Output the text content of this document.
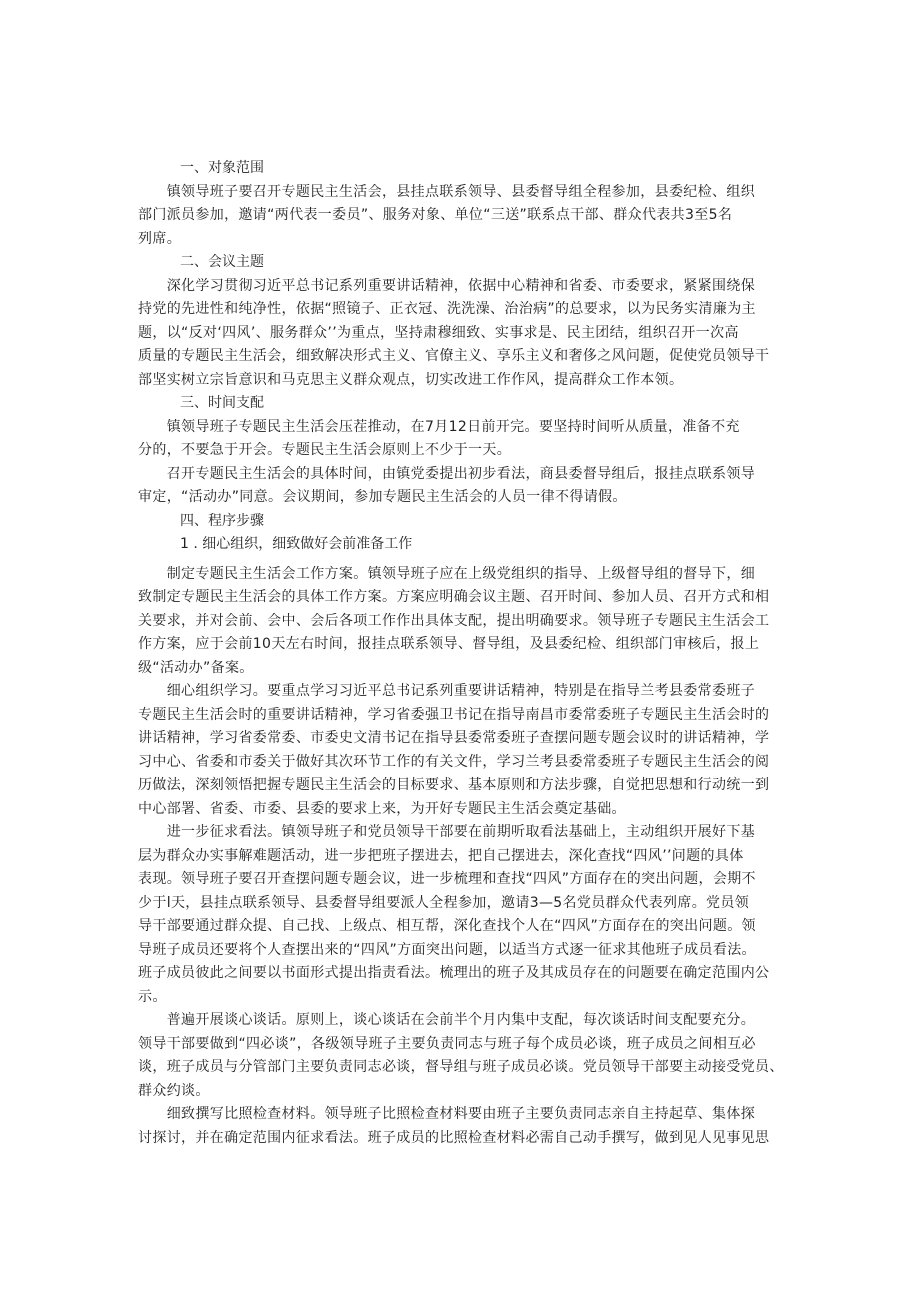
一、对象范围
　　镇领导班子要召开专题民主生活会，县挂点联系领导、县委督导组全程参加，县委纪检、组织
部门派员参加，邀请“两代表一委员”、服务对象、单位“三送”联系点干部、群众代表共3至5名
列席。
二、会议主题
　　深化学习贯彻习近平总书记系列重要讲话精神，依据中心精神和省委、市委要求，紧紧围绕保
持党的先进性和纯净性，依据“照镜子、正衣冠、洗洗澡、治治病”的总要求，以为民务实清廉为主
题，以“反对‘四风’、服务群众’’为重点，坚持肃穆细致、实事求是、民主团结，组织召开一次高
质量的专题民主生活会，细致解决形式主义、官僚主义、享乐主义和奢侈之风问题，促使党员领导干
部坚实树立宗旨意识和马克思主义群众观点，切实改进工作作风，提高群众工作本领。
三、时间支配
　　镇领导班子专题民主生活会压茬推动，在7月12日前开完。要坚持时间听从质量，准备不充
分的，不要急于开会。专题民主生活会原则上不少于一天。
　　召开专题民主生活会的具体时间，由镇党委提出初步看法，商县委督导组后，报挂点联系领导
审定，“活动办”同意。会议期间，参加专题民主生活会的人员一律不得请假。
四、程序步骤
1 . 细心组织，细致做好会前准备工作
　　制定专题民主生活会工作方案。镇领导班子应在上级党组织的指导、上级督导组的督导下，细
致制定专题民主生活会的具体工作方案。方案应明确会议主题、召开时间、参加人员、召开方式和相
关要求，并对会前、会中、会后各项工作作出具体支配，提出明确要求。领导班子专题民主生活会工
作方案，应于会前10天左右时间，报挂点联系领导、督导组，及县委纪检、组织部门审核后，报上
级“活动办”备案。
　　细心组织学习。要重点学习习近平总书记系列重要讲话精神，特别是在指导兰考县委常委班子
专题民主生活会时的重要讲话精神，学习省委强卫书记在指导南昌市委常委班子专题民主生活会时的
讲话精神，学习省委常委、市委史文清书记在指导县委常委班子查摆问题专题会议时的讲话精神，学
习中心、省委和市委关于做好其次环节工作的有关文件，学习兰考县委常委班子专题民主生活会的阅
历做法，深刻领悟把握专题民主生活会的目标要求、基本原则和方法步骤，自觉把思想和行动统一到
中心部署、省委、市委、县委的要求上来，为开好专题民主生活会奠定基础。
　　进一步征求看法。镇领导班子和党员领导干部要在前期听取看法基础上，主动组织开展好下基
层为群众办实事解难题活动，进一步把班子摆进去，把自己摆进去，深化查找“四风’’问题的具体
表现。领导班子要召开查摆问题专题会议，进一步梳理和查找“四风”方面存在的突出问题，会期不
少于l天，县挂点联系领导、县委督导组要派人全程参加，邀请3—5名党员群众代表列席。党员领
导干部要通过群众提、自己找、上级点、相互帮，深化查找个人在“四风”方面存在的突出问题。领
导班子成员还要将个人查摆出来的“四风”方面突出问题，以适当方式逐一征求其他班子成员看法。
班子成员彼此之间要以书面形式提出指责看法。梳理出的班子及其成员存在的问题要在确定范围内公
示。
　　普遍开展谈心谈话。原则上，谈心谈话在会前半个月内集中支配，每次谈话时间支配要充分。
领导干部要做到“四必谈”，各级领导班子主要负责同志与班子每个成员必谈，班子成员之间相互必
谈，班子成员与分管部门主要负责同志必谈，督导组与班子成员必谈。党员领导干部要主动接受党员、
群众约谈。
　　细致撰写比照检查材料。领导班子比照检查材料要由班子主要负责同志亲自主持起草、集体探
讨探讨，并在确定范围内征求看法。班子成员的比照检查材料必需自己动手撰写，做到见人见事见思
